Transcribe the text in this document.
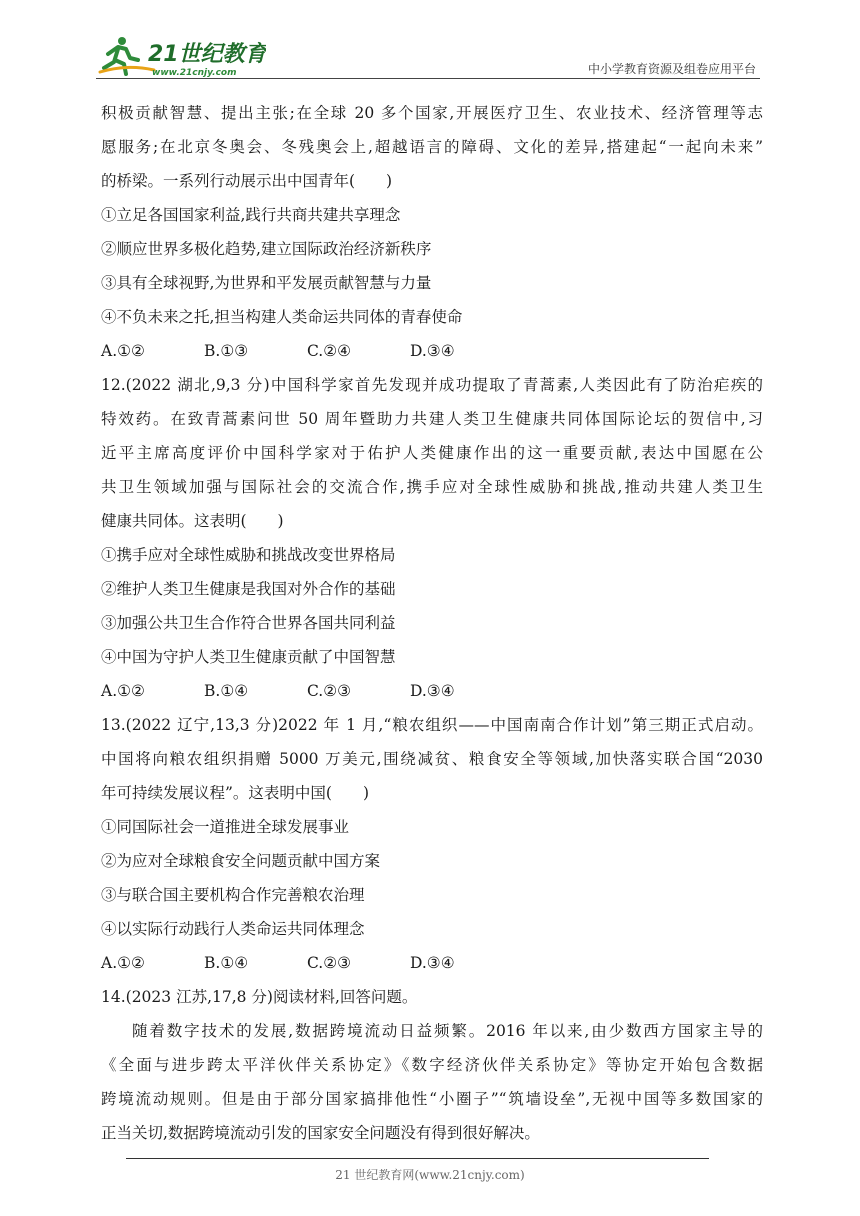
21世纪教育
www.21cnjy.com	中小学教育资源及组卷应用平台
积极贡献智慧、提出主张;在全球 20 多个国家,开展医疗卫生、农业技术、经济管理等志
愿服务;在北京冬奥会、冬残奥会上,超越语言的障碍、文化的差异,搭建起“一起向未来”
的桥梁。一系列行动展示出中国青年(　　)
①立足各国国家利益,践行共商共建共享理念
②顺应世界多极化趋势,建立国际政治经济新秩序
③具有全球视野,为世界和平发展贡献智慧与力量
④不负未来之托,担当构建人类命运共同体的青春使命
A.①②	B.①③	C.②④	D.③④
12.(2022 湖北,9,3 分)中国科学家首先发现并成功提取了青蒿素,人类因此有了防治疟疾的
特效药。在致青蒿素问世 50 周年暨助力共建人类卫生健康共同体国际论坛的贺信中,习
近平主席高度评价中国科学家对于佑护人类健康作出的这一重要贡献,表达中国愿在公
共卫生领域加强与国际社会的交流合作,携手应对全球性威胁和挑战,推动共建人类卫生
健康共同体。这表明(　　)
①携手应对全球性威胁和挑战改变世界格局
②维护人类卫生健康是我国对外合作的基础
③加强公共卫生合作符合世界各国共同利益
④中国为守护人类卫生健康贡献了中国智慧
A.①②	B.①④	C.②③	D.③④
13.(2022 辽宁,13,3 分)2022 年 1 月,“粮农组织——中国南南合作计划”第三期正式启动。
中国将向粮农组织捐赠 5000 万美元,围绕减贫、粮食安全等领域,加快落实联合国“2030
年可持续发展议程”。这表明中国(　　)
①同国际社会一道推进全球发展事业
②为应对全球粮食安全问题贡献中国方案
③与联合国主要机构合作完善粮农治理
④以实际行动践行人类命运共同体理念
A.①②	B.①④	C.②③	D.③④
14.(2023 江苏,17,8 分)阅读材料,回答问题。
随着数字技术的发展,数据跨境流动日益频繁。2016 年以来,由少数西方国家主导的
《全面与进步跨太平洋伙伴关系协定》《数字经济伙伴关系协定》等协定开始包含数据
跨境流动规则。但是由于部分国家搞排他性“小圈子”“筑墙设垒”,无视中国等多数国家的
正当关切,数据跨境流动引发的国家安全问题没有得到很好解决。
21 世纪教育网(www.21cnjy.com)
